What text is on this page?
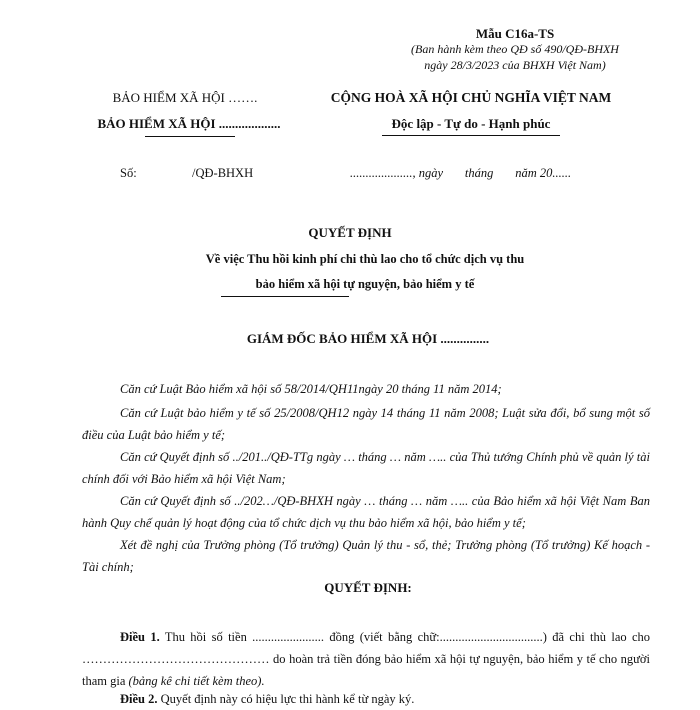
Mẫu C16a-TS
(Ban hành kèm theo QĐ số 490/QĐ-BHXH
ngày 28/3/2023 của BHXH Việt Nam)
BẢO HIỂM XÃ HỘI …….
BẢO HIỂM XÃ HỘI ...................
CỘNG HOÀ XÃ HỘI CHỦ NGHĨA VIỆT NAM
Độc lập - Tự do - Hạnh phúc
Số:	/QĐ-BHXH	...................., ngày       tháng       năm 20......
QUYẾT ĐỊNH
Về việc Thu hồi kinh phí chi thù lao cho tổ chức dịch vụ thu
bảo hiểm xã hội tự nguyện, bảo hiểm y tế
GIÁM ĐỐC BẢO HIỂM XÃ HỘI ...............
Căn cứ Luật Bảo hiểm xã hội số 58/2014/QH11ngày 20 tháng 11 năm 2014;
Căn cứ Luật bảo hiểm y tế số 25/2008/QH12 ngày 14 tháng 11 năm 2008; Luật sửa đổi, bổ sung một số điều của Luật bảo hiểm y tế;
Căn cứ Quyết định số ../201../QĐ-TTg ngày … tháng … năm ….. của Thủ tướng Chính phủ về quản lý tài chính đối với Bảo hiểm xã hội Việt Nam;
Căn cứ Quyết định số ../202…/QĐ-BHXH ngày … tháng … năm ….. của Bảo hiểm xã hội Việt Nam Ban hành Quy chế quản lý hoạt động của tổ chức dịch vụ thu bảo hiểm xã hội, bảo hiểm y tế;
Xét đề nghị của Trưởng phòng (Tổ trưởng) Quản lý thu - sổ, thẻ; Trưởng phòng (Tổ trưởng) Kế hoạch - Tài chính;
QUYẾT ĐỊNH:
Điều 1. Thu hồi số tiền ....................... đồng (viết bằng chữ:.................................) đã chi thù lao cho ……………………………………… do hoàn trả tiền đóng bảo hiểm xã hội tự nguyện, bảo hiểm y tế cho người tham gia (bảng kê chi tiết kèm theo).
Điều 2. Quyết định này có hiệu lực thi hành kể từ ngày ký.
